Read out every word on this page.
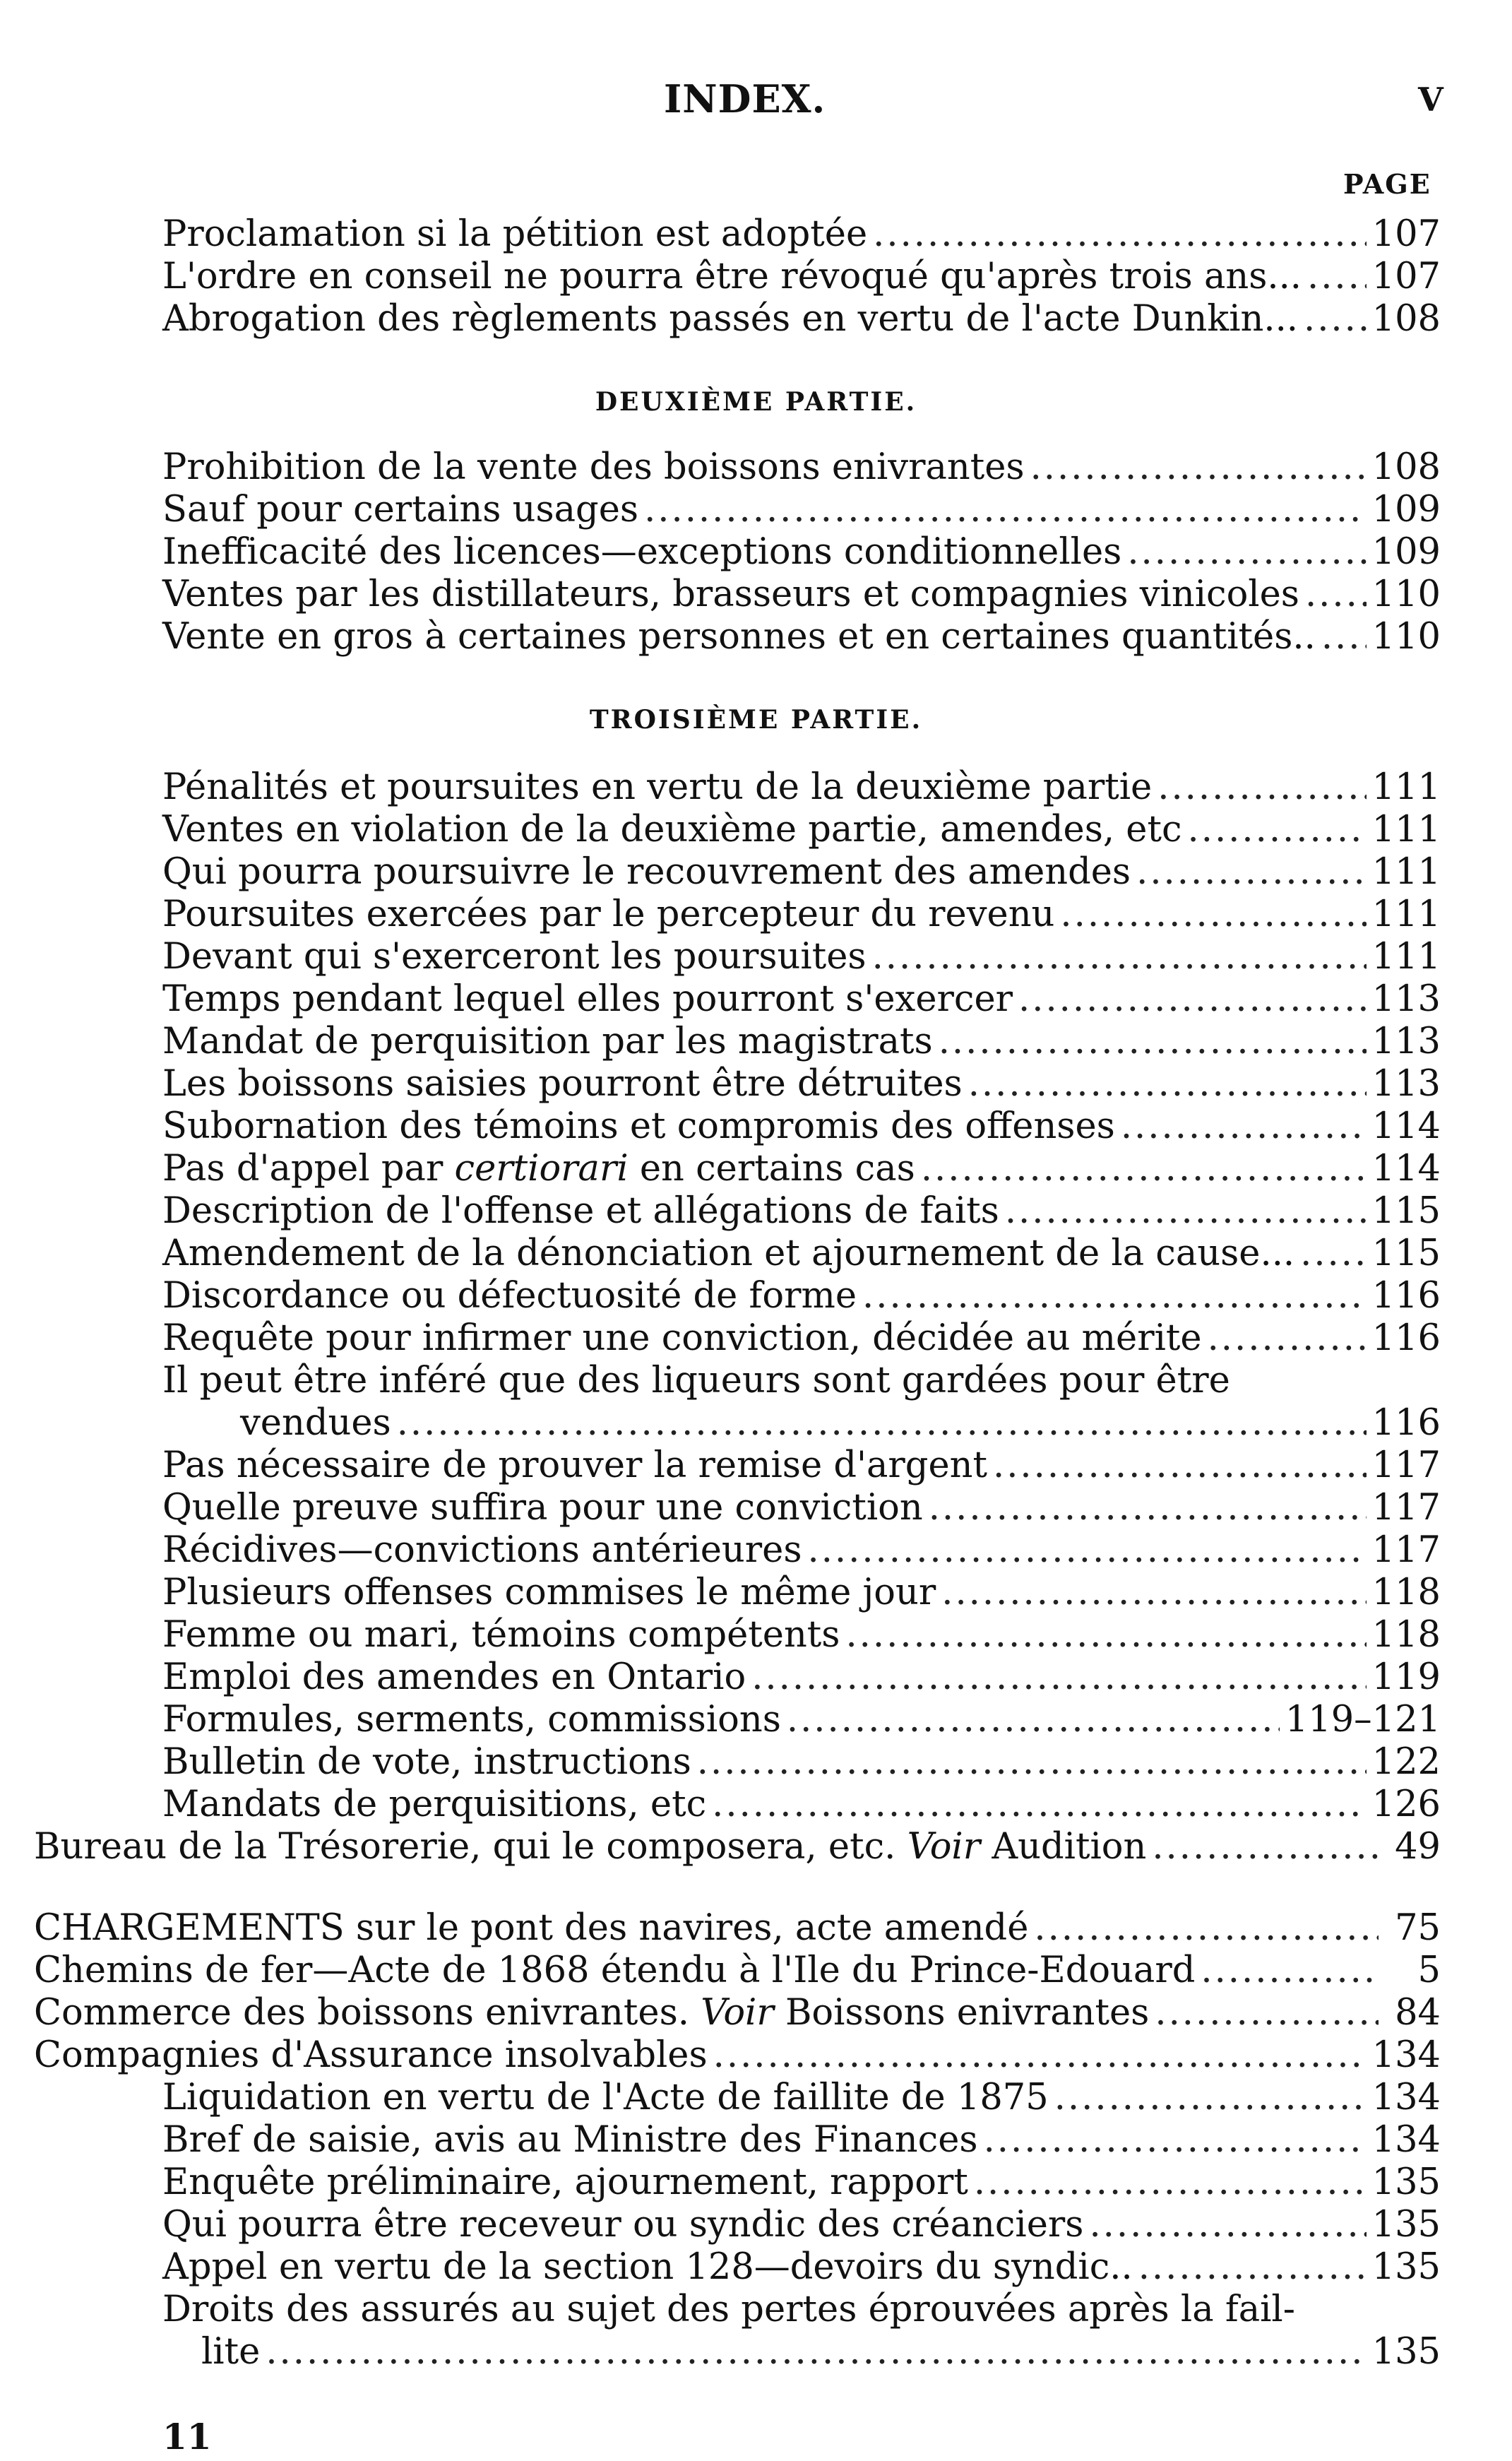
INDEX.	V
PAGE
Proclamation si la pétition est adoptée .....	107
L'ordre en conseil ne pourra être révoqué qu'après trois ans... ..... 107
Abrogation des règlements passés en vertu de l'acte Dunkin... ..... 108
DEUXIÈME PARTIE.
Prohibition de la vente des boissons enivrantes .....	108
Sauf pour certains usages .....	109
Inefficacité des licences—exceptions conditionnelles .....	109
Ventes par les distillateurs, brasseurs et compagnies vinicoles ..... 110
Vente en gros à certaines personnes et en certaines quantités.. ..... 110
TROISIÈME PARTIE.
Pénalités et poursuites en vertu de la deuxième partie .....	111
Ventes en violation de la deuxième partie, amendes, etc .....	111
Qui pourra poursuivre le recouvrement des amendes .....	111
Poursuites exercées par le percepteur du revenu .....	111
Devant qui s'exerceront les poursuites .....	111
Temps pendant lequel elles pourront s'exercer .....	113
Mandat de perquisition par les magistrats .....	113
Les boissons saisies pourront être détruites .....	113
Subornation des témoins et compromis des offenses .....	114
Pas d'appel par certiorari en certains cas .....	114
Description de l'offense et allégations de faits .....	115
Amendement de la dénonciation et ajournement de la cause... ..... 115
Discordance ou défectuosité de forme .....	116
Requête pour infirmer une conviction, décidée au mérite .....	116
Il peut être inféré que des liqueurs sont gardées pour être
vendues .....	116
Pas nécessaire de prouver la remise d'argent .....	117
Quelle preuve suffira pour une conviction .....	117
Récidives—convictions antérieures .....	117
Plusieurs offenses commises le même jour .....	118
Femme ou mari, témoins compétents .....	118
Emploi des amendes en Ontario .....	119
Formules, serments, commissions .....	119–121
Bulletin de vote, instructions .....	122
Mandats de perquisitions, etc .....	126
Bureau de la Trésorerie, qui le composera, etc. Voir Audition .....	49
CHARGEMENTS sur le pont des navires, acte amendé .....	75
Chemins de fer—Acte de 1868 étendu à l'Ile du Prince-Edouard .....	5
Commerce des boissons enivrantes. Voir Boissons enivrantes .....	84
Compagnies d'Assurance insolvables .....	134
Liquidation en vertu de l'Acte de faillite de 1875 .....	134
Bref de saisie, avis au Ministre des Finances .....	134
Enquête préliminaire, ajournement, rapport .....	135
Qui pourra être receveur ou syndic des créanciers .....	135
Appel en vertu de la section 128—devoirs du syndic.. .....	135
Droits des assurés au sujet des pertes éprouvées après la fail-
lite .....	135
11
